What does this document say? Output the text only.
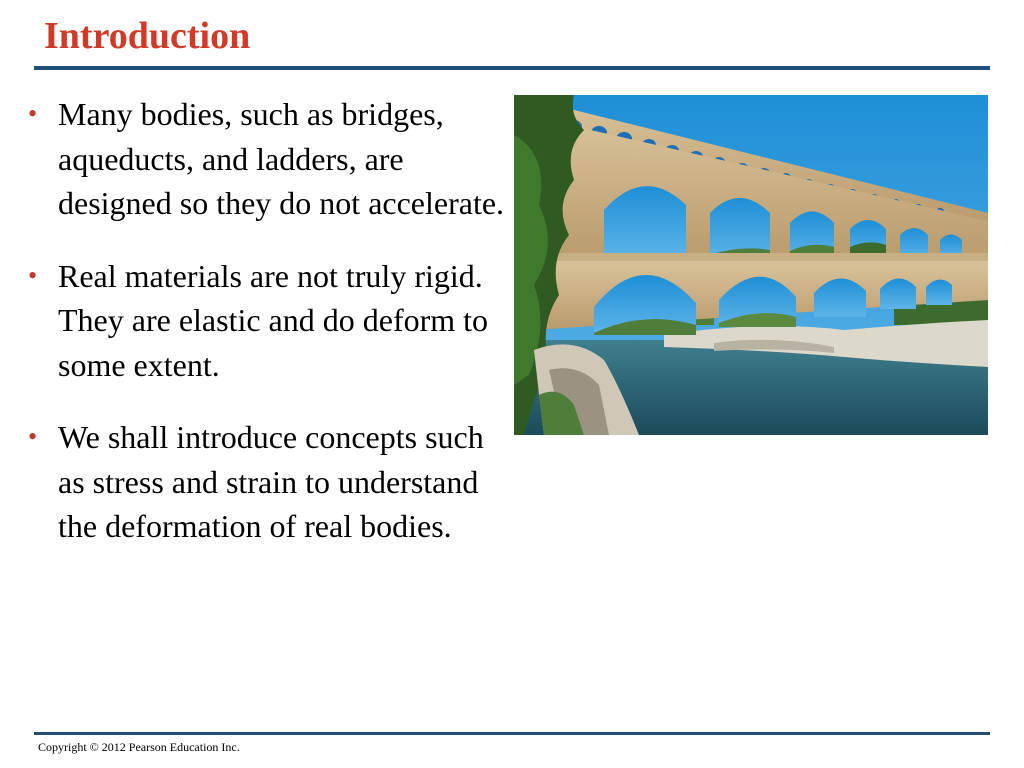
Introduction
• Many bodies, such as bridges, aqueducts, and ladders, are designed so they do not accelerate.
• Real materials are not truly rigid. They are elastic and do deform to some extent.
• We shall introduce concepts such as stress and strain to understand the deformation of real bodies.
Copyright © 2012 Pearson Education Inc.
